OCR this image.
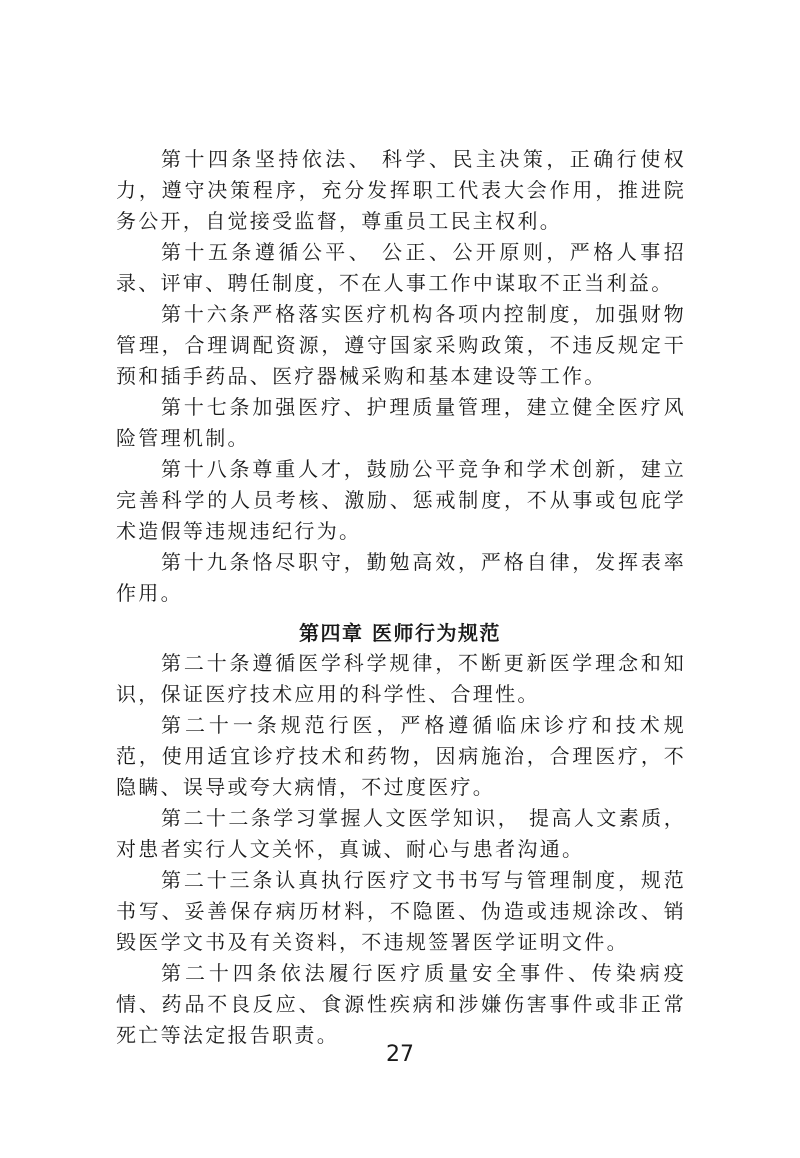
第十四条坚持依法、 科学、民主决策，正确行使权力，遵守决策程序，充分发挥职工代表大会作用，推进院务公开，自觉接受监督，尊重员工民主权利。

第十五条遵循公平、 公正、公开原则，严格人事招录、评审、聘任制度，不在人事工作中谋取不正当利益。

第十六条严格落实医疗机构各项内控制度，加强财物管理，合理调配资源，遵守国家采购政策，不违反规定干预和插手药品、医疗器械采购和基本建设等工作。

第十七条加强医疗、护理质量管理，建立健全医疗风险管理机制。

第十八条尊重人才，鼓励公平竞争和学术创新，建立完善科学的人员考核、激励、惩戒制度，不从事或包庇学术造假等违规违纪行为。

第十九条恪尽职守，勤勉高效，严格自律，发挥表率作用。

第四章 医师行为规范

第二十条遵循医学科学规律，不断更新医学理念和知识，保证医疗技术应用的科学性、合理性。

第二十一条规范行医，严格遵循临床诊疗和技术规范，使用适宜诊疗技术和药物，因病施治，合理医疗，不隐瞒、误导或夸大病情，不过度医疗。

第二十二条学习掌握人文医学知识， 提高人文素质，对患者实行人文关怀，真诚、耐心与患者沟通。

第二十三条认真执行医疗文书书写与管理制度，规范书写、妥善保存病历材料，不隐匿、伪造或违规涂改、销毁医学文书及有关资料，不违规签署医学证明文件。

第二十四条依法履行医疗质量安全事件、传染病疫情、药品不良反应、食源性疾病和涉嫌伤害事件或非正常死亡等法定报告职责。

27
